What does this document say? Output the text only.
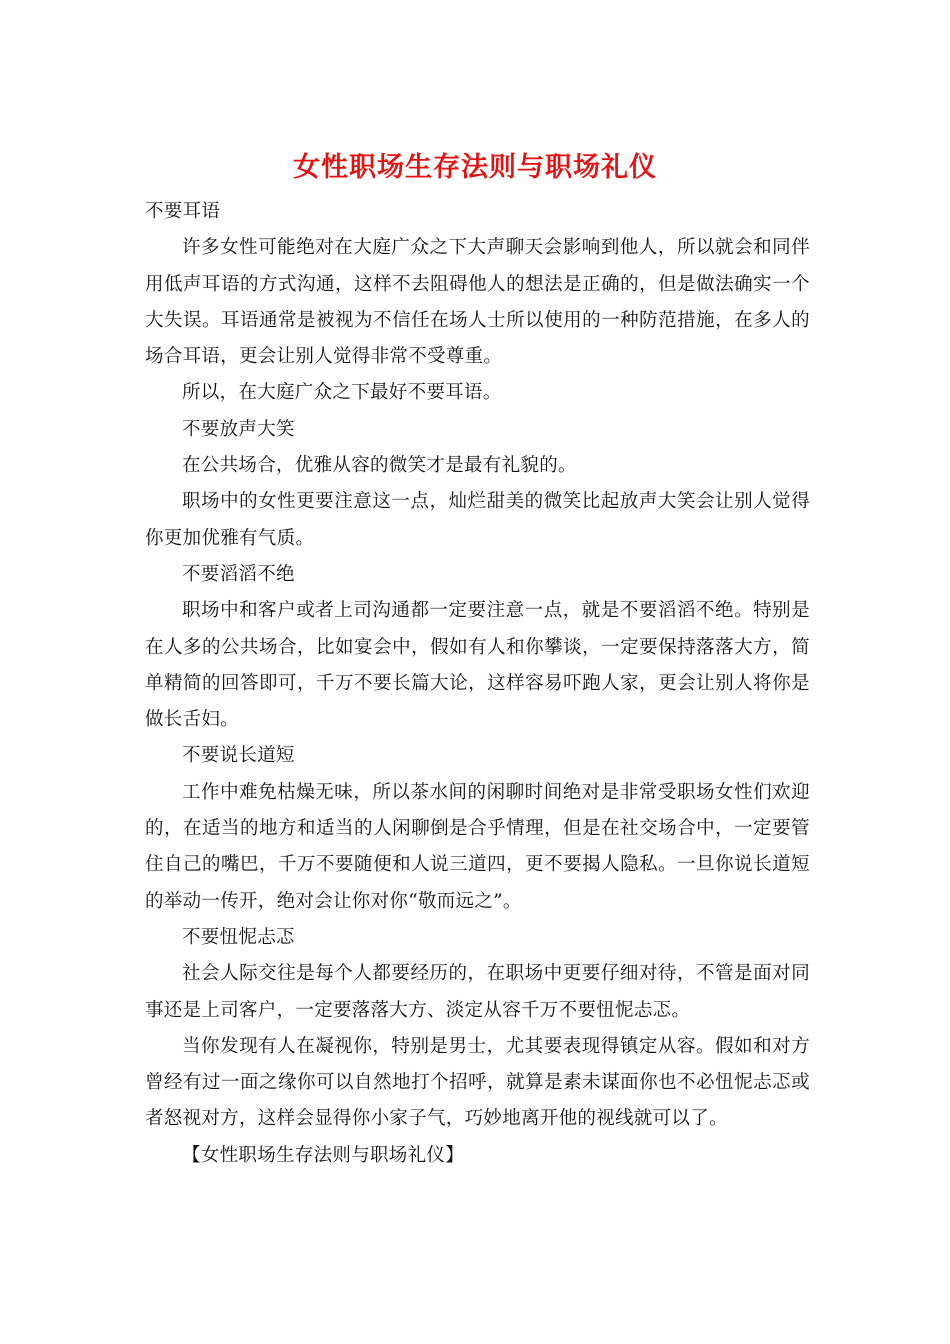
女性职场生存法则与职场礼仪

不要耳语

许多女性可能绝对在大庭广众之下大声聊天会影响到他人，所以就会和同伴用低声耳语的方式沟通，这样不去阻碍他人的想法是正确的，但是做法确实一个大失误。耳语通常是被视为不信任在场人士所以使用的一种防范措施，在多人的场合耳语，更会让别人觉得非常不受尊重。

所以，在大庭广众之下最好不要耳语。

不要放声大笑

在公共场合，优雅从容的微笑才是最有礼貌的。

职场中的女性更要注意这一点，灿烂甜美的微笑比起放声大笑会让别人觉得你更加优雅有气质。

不要滔滔不绝

职场中和客户或者上司沟通都一定要注意一点，就是不要滔滔不绝。特别是在人多的公共场合，比如宴会中，假如有人和你攀谈，一定要保持落落大方，简单精简的回答即可，千万不要长篇大论，这样容易吓跑人家，更会让别人将你是做长舌妇。

不要说长道短

工作中难免枯燥无味，所以茶水间的闲聊时间绝对是非常受职场女性们欢迎的，在适当的地方和适当的人闲聊倒是合乎情理，但是在社交场合中，一定要管住自己的嘴巴，千万不要随便和人说三道四，更不要揭人隐私。一旦你说长道短的举动一传开，绝对会让你对你“敬而远之”。

不要忸怩忐忑

社会人际交往是每个人都要经历的，在职场中更要仔细对待，不管是面对同事还是上司客户，一定要落落大方、淡定从容千万不要忸怩忐忑。

当你发现有人在凝视你，特别是男士，尤其要表现得镇定从容。假如和对方曾经有过一面之缘你可以自然地打个招呼，就算是素未谋面你也不必忸怩忐忑或者怒视对方，这样会显得你小家子气，巧妙地离开他的视线就可以了。

【女性职场生存法则与职场礼仪】
